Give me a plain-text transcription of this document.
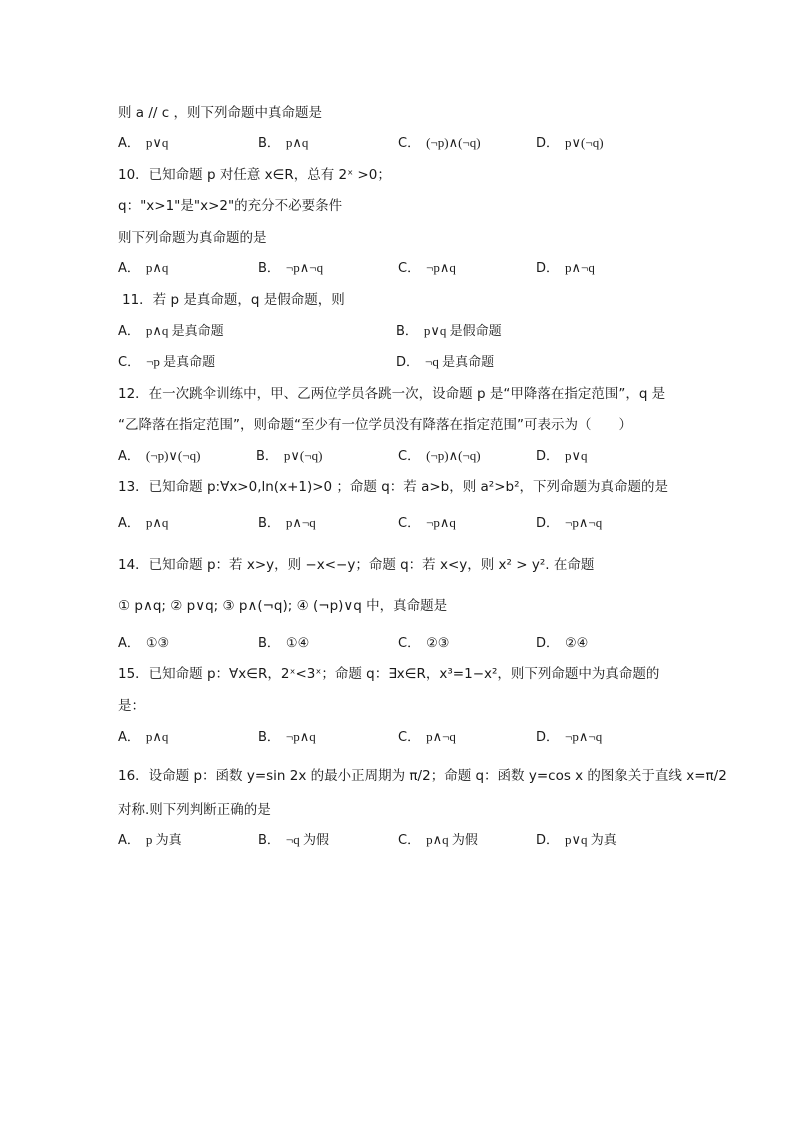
则 a // c ，则下列命题中真命题是
A． p∨q	B． p∧q	C． (¬p)∧(¬q)	D． p∨(¬q)
10．已知命题 p 对任意 x∈R，总有 2ˣ >0；
q："x>1"是"x>2"的充分不必要条件
则下列命题为真命题的是
A． p∧q	B． ¬p∧¬q	C． ¬p∧q	D． p∧¬q
11．若 p 是真命题，q 是假命题，则
A． p∧q 是真命题	B． p∨q 是假命题
C． ¬p 是真命题	D． ¬q 是真命题
12．在一次跳伞训练中，甲、乙两位学员各跳一次，设命题 p 是“甲降落在指定范围”，q 是
“乙降落在指定范围”，则命题“至少有一位学员没有降落在指定范围”可表示为（　　）
A． (¬p)∨(¬q)	B． p∨(¬q)	C． (¬p)∧(¬q)	D． p∨q
13．已知命题 p:∀x>0,ln(x+1)>0 ；命题 q：若 a>b，则 a²>b²，下列命题为真命题的是
A． p∧q	B． p∧¬q	C． ¬p∧q	D． ¬p∧¬q
14．已知命题 p：若 x>y，则 −x<−y；命题 q：若 x<y，则 x² > y². 在命题
① p∧q; ② p∨q; ③ p∧(¬q); ④ (¬p)∨q 中，真命题是
A． ①③	B． ①④	C． ②③	D． ②④
15．已知命题 p：∀x∈R，2ˣ<3ˣ；命题 q：∃x∈R，x³=1−x²，则下列命题中为真命题的
是：
A． p∧q	B． ¬p∧q	C． p∧¬q	D． ¬p∧¬q
16．设命题 p：函数 y=sin 2x 的最小正周期为 π/2；命题 q：函数 y=cos x 的图象关于直线 x=π/2
对称.则下列判断正确的是
A． p 为真	B． ¬q 为假	C． p∧q 为假	D． p∨q 为真
